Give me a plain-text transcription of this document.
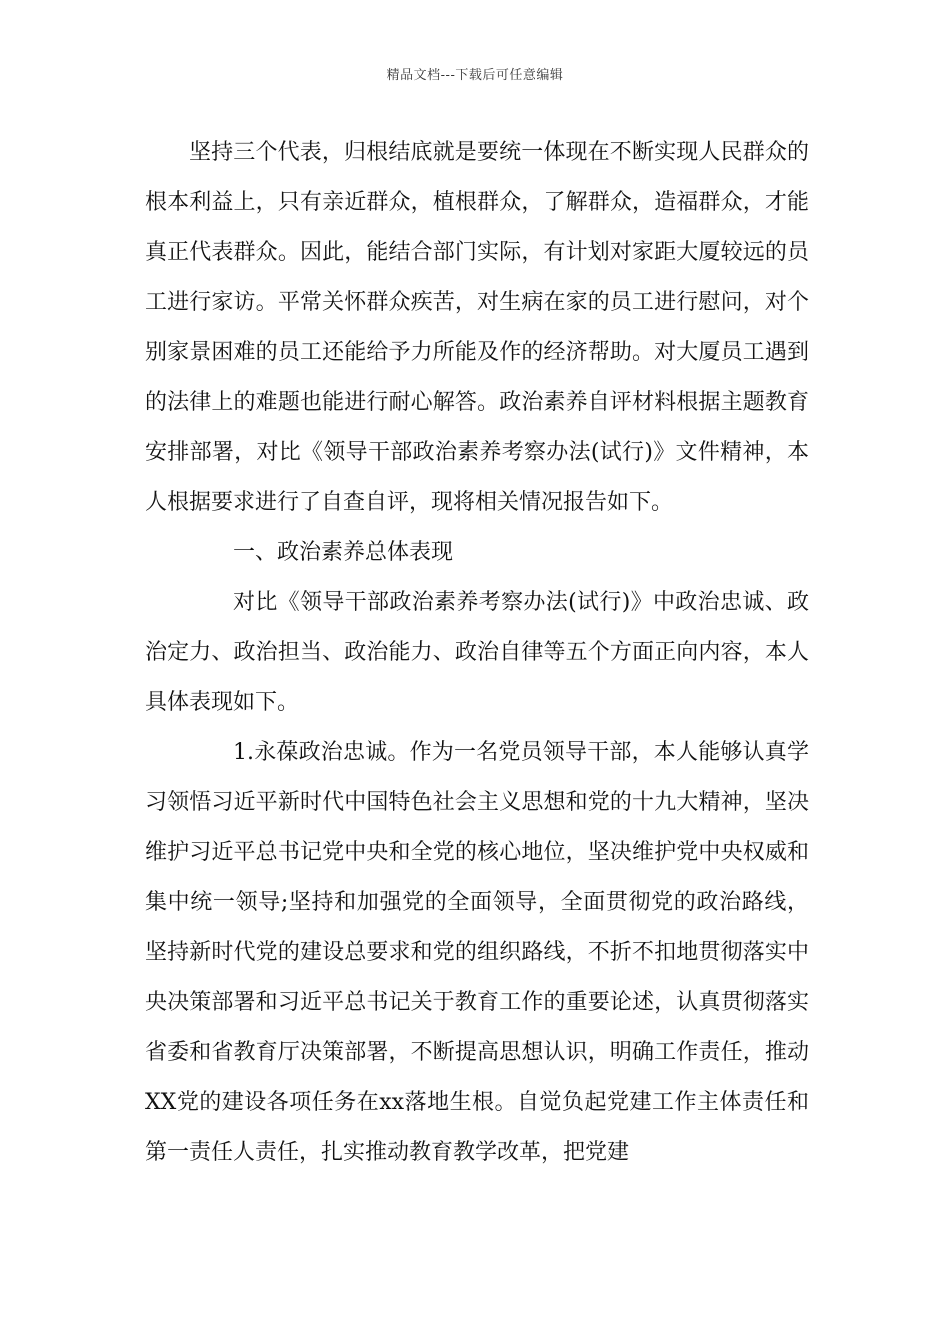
精品文档---下载后可任意编辑

坚持三个代表，归根结底就是要统一体现在不断实现人民群众的根本利益上，只有亲近群众，植根群众，了解群众，造福群众，才能真正代表群众。因此，能结合部门实际，有计划对家距大厦较远的员工进行家访。平常关怀群众疾苦，对生病在家的员工进行慰问，对个别家景困难的员工还能给予力所能及作的经济帮助。对大厦员工遇到的法律上的难题也能进行耐心解答。政治素养自评材料根据主题教育安排部署，对比《领导干部政治素养考察办法(试行)》文件精神，本人根据要求进行了自查自评，现将相关情况报告如下。

一、政治素养总体表现

对比《领导干部政治素养考察办法(试行)》中政治忠诚、政治定力、政治担当、政治能力、政治自律等五个方面正向内容，本人具体表现如下。

1.永葆政治忠诚。作为一名党员领导干部，本人能够认真学习领悟习近平新时代中国特色社会主义思想和党的十九大精神，坚决维护习近平总书记党中央和全党的核心地位，坚决维护党中央权威和集中统一领导;坚持和加强党的全面领导，全面贯彻党的政治路线，坚持新时代党的建设总要求和党的组织路线，不折不扣地贯彻落实中央决策部署和习近平总书记关于教育工作的重要论述，认真贯彻落实省委和省教育厅决策部署，不断提高思想认识，明确工作责任，推动XX党的建设各项任务在xx落地生根。自觉负起党建工作主体责任和第一责任人责任，扎实推动教育教学改革，把党建
